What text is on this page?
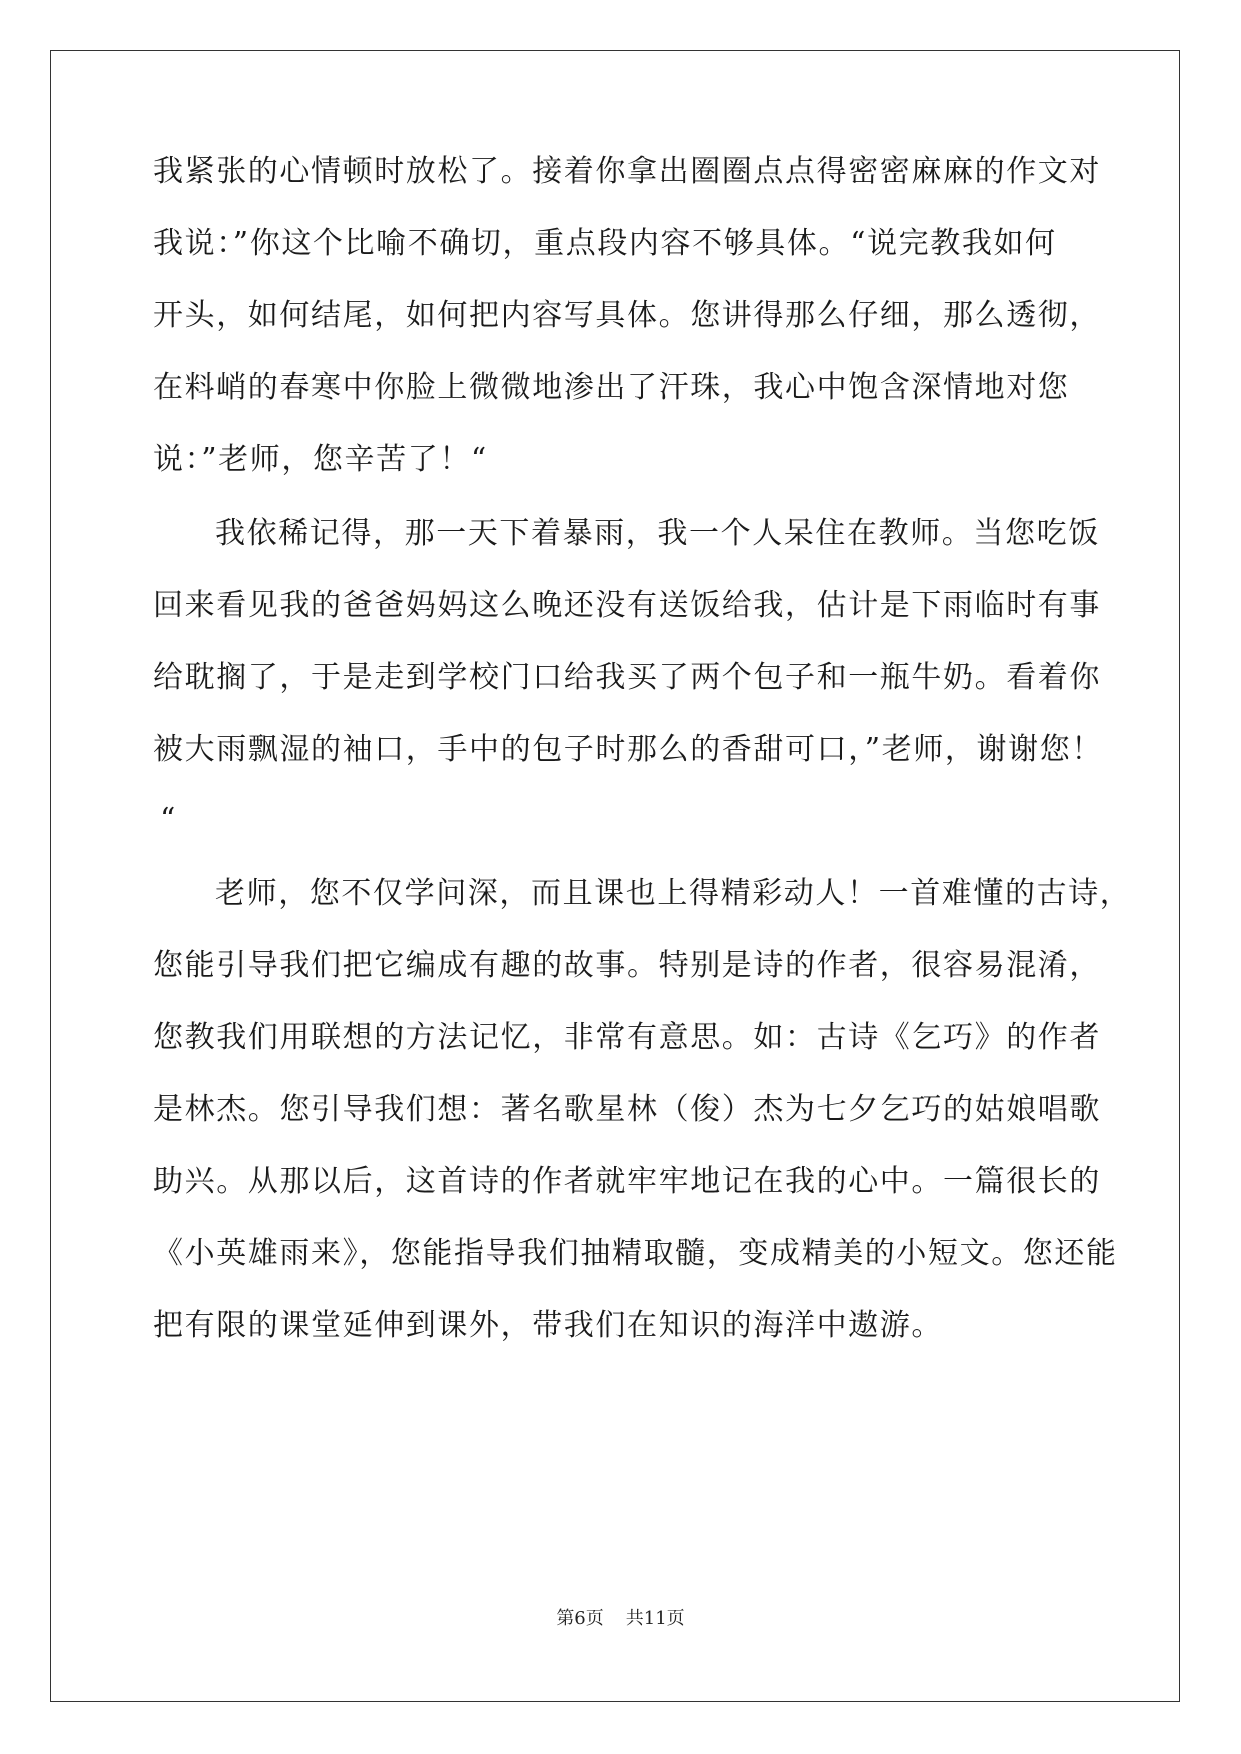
我紧张的心情顿时放松了。接着你拿出圈圈点点得密密麻麻的作文对
我说：”你这个比喻不确切，重点段内容不够具体。“说完教我如何
开头，如何结尾，如何把内容写具体。您讲得那么仔细，那么透彻，
在料峭的春寒中你脸上微微地渗出了汗珠，我心中饱含深情地对您
说：”老师，您辛苦了！“
我依稀记得，那一天下着暴雨，我一个人呆住在教师。当您吃饭
回来看见我的爸爸妈妈这么晚还没有送饭给我，估计是下雨临时有事
给耽搁了，于是走到学校门口给我买了两个包子和一瓶牛奶。看着你
被大雨飘湿的袖口，手中的包子时那么的香甜可口，”老师，谢谢您！
“
老师，您不仅学问深，而且课也上得精彩动人！一首难懂的古诗，
您能引导我们把它编成有趣的故事。特别是诗的作者，很容易混淆，
您教我们用联想的方法记忆，非常有意思。如：古诗《乞巧》的作者
是林杰。您引导我们想：著名歌星林（俊）杰为七夕乞巧的姑娘唱歌
助兴。从那以后，这首诗的作者就牢牢地记在我的心中。一篇很长的
《小英雄雨来》，您能指导我们抽精取髓，变成精美的小短文。您还能
把有限的课堂延伸到课外，带我们在知识的海洋中遨游。
第6页 共11页
